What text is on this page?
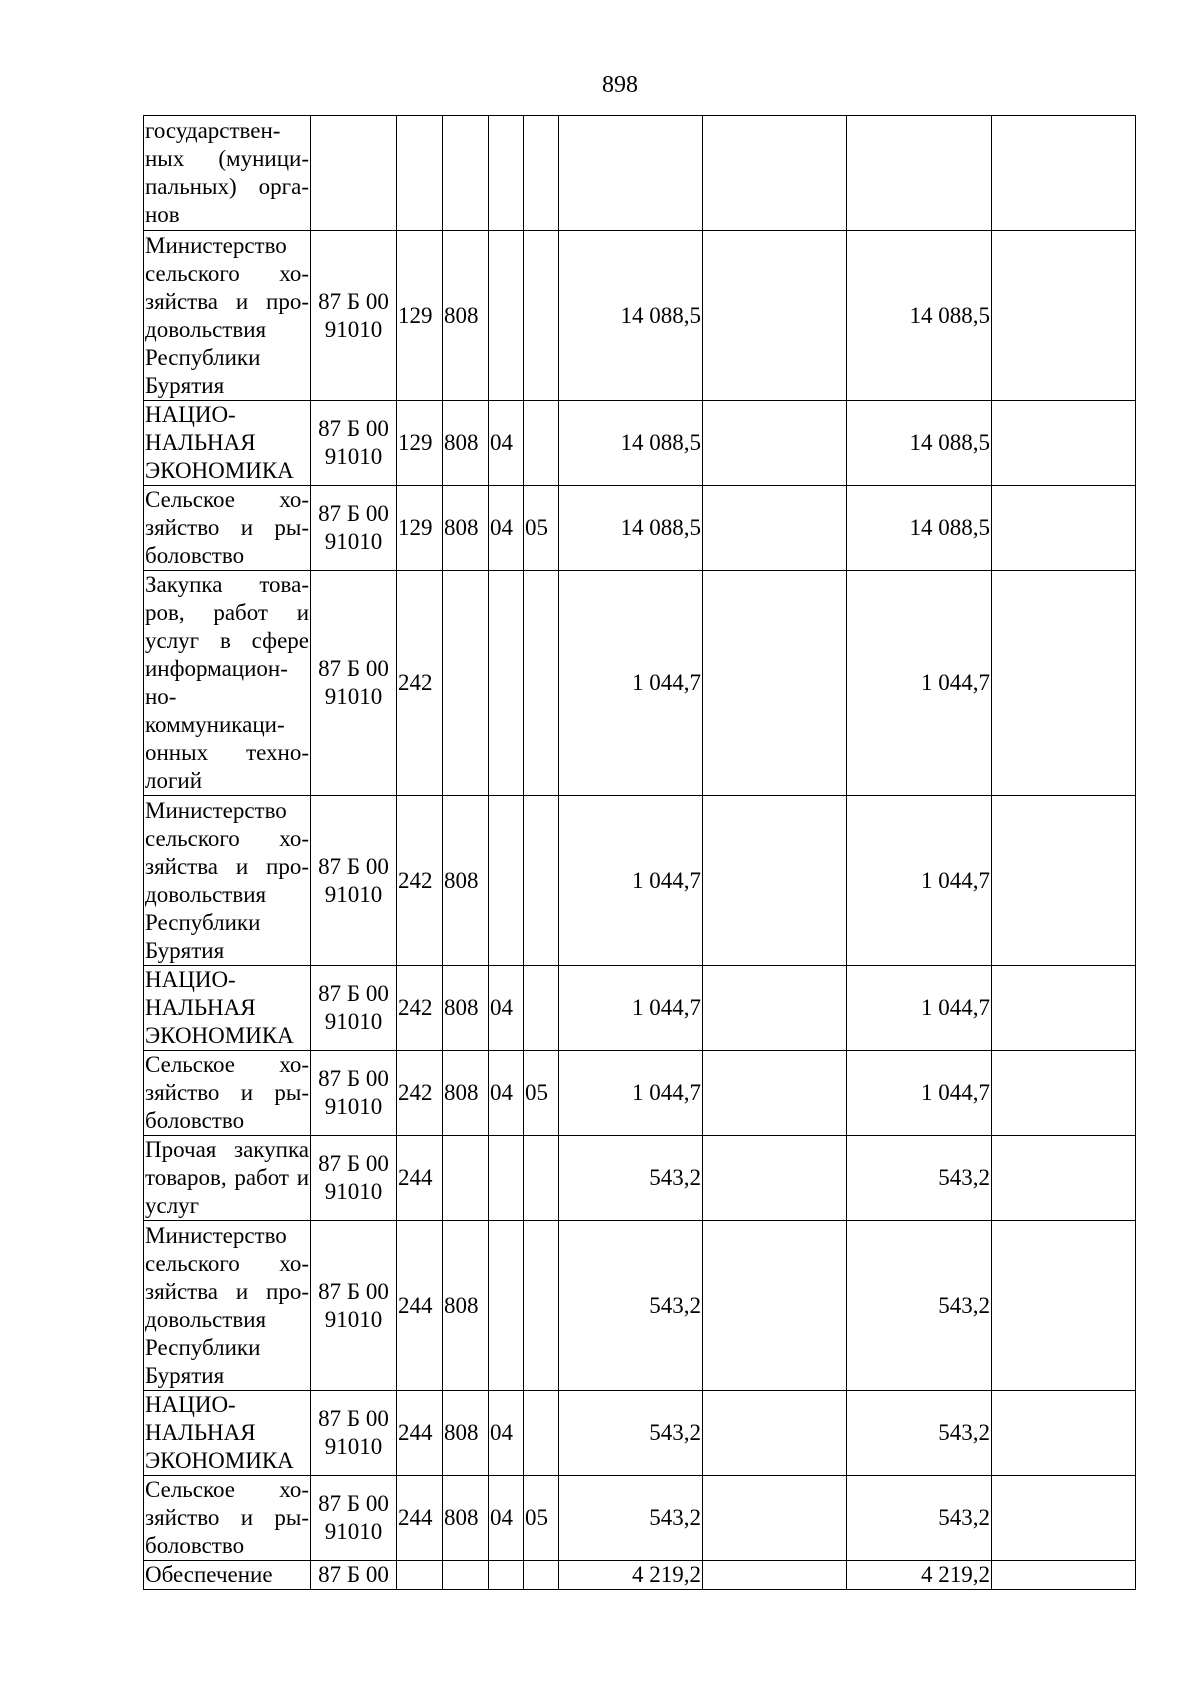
898
государствен-ных (муници-пальных) орга-нов									
Министерство сельского хо-зяйства и про-довольствия Республики Бурятия	87 Б 00 91010	129	808			14 088,5		14 088,5	
НАЦИО-НАЛЬНАЯ ЭКОНОМИКА	87 Б 00 91010	129	808	04		14 088,5		14 088,5	
Сельское хо-зяйство и ры-боловство	87 Б 00 91010	129	808	04	05	14 088,5		14 088,5	
Закупка това-ров, работ и услуг в сфере информацион-но-коммуникаци-онных техно-логий	87 Б 00 91010	242				1 044,7		1 044,7	
Министерство сельского хо-зяйства и про-довольствия Республики Бурятия	87 Б 00 91010	242	808			1 044,7		1 044,7	
НАЦИО-НАЛЬНАЯ ЭКОНОМИКА	87 Б 00 91010	242	808	04		1 044,7		1 044,7	
Сельское хо-зяйство и ры-боловство	87 Б 00 91010	242	808	04	05	1 044,7		1 044,7	
Прочая закупка товаров, работ и услуг	87 Б 00 91010	244				543,2		543,2	
Министерство сельского хо-зяйства и про-довольствия Республики Бурятия	87 Б 00 91010	244	808			543,2		543,2	
НАЦИО-НАЛЬНАЯ ЭКОНОМИКА	87 Б 00 91010	244	808	04		543,2		543,2	
Сельское хо-зяйство и ры-боловство	87 Б 00 91010	244	808	04	05	543,2		543,2	
Обеспечение	87 Б 00					4 219,2		4 219,2	
